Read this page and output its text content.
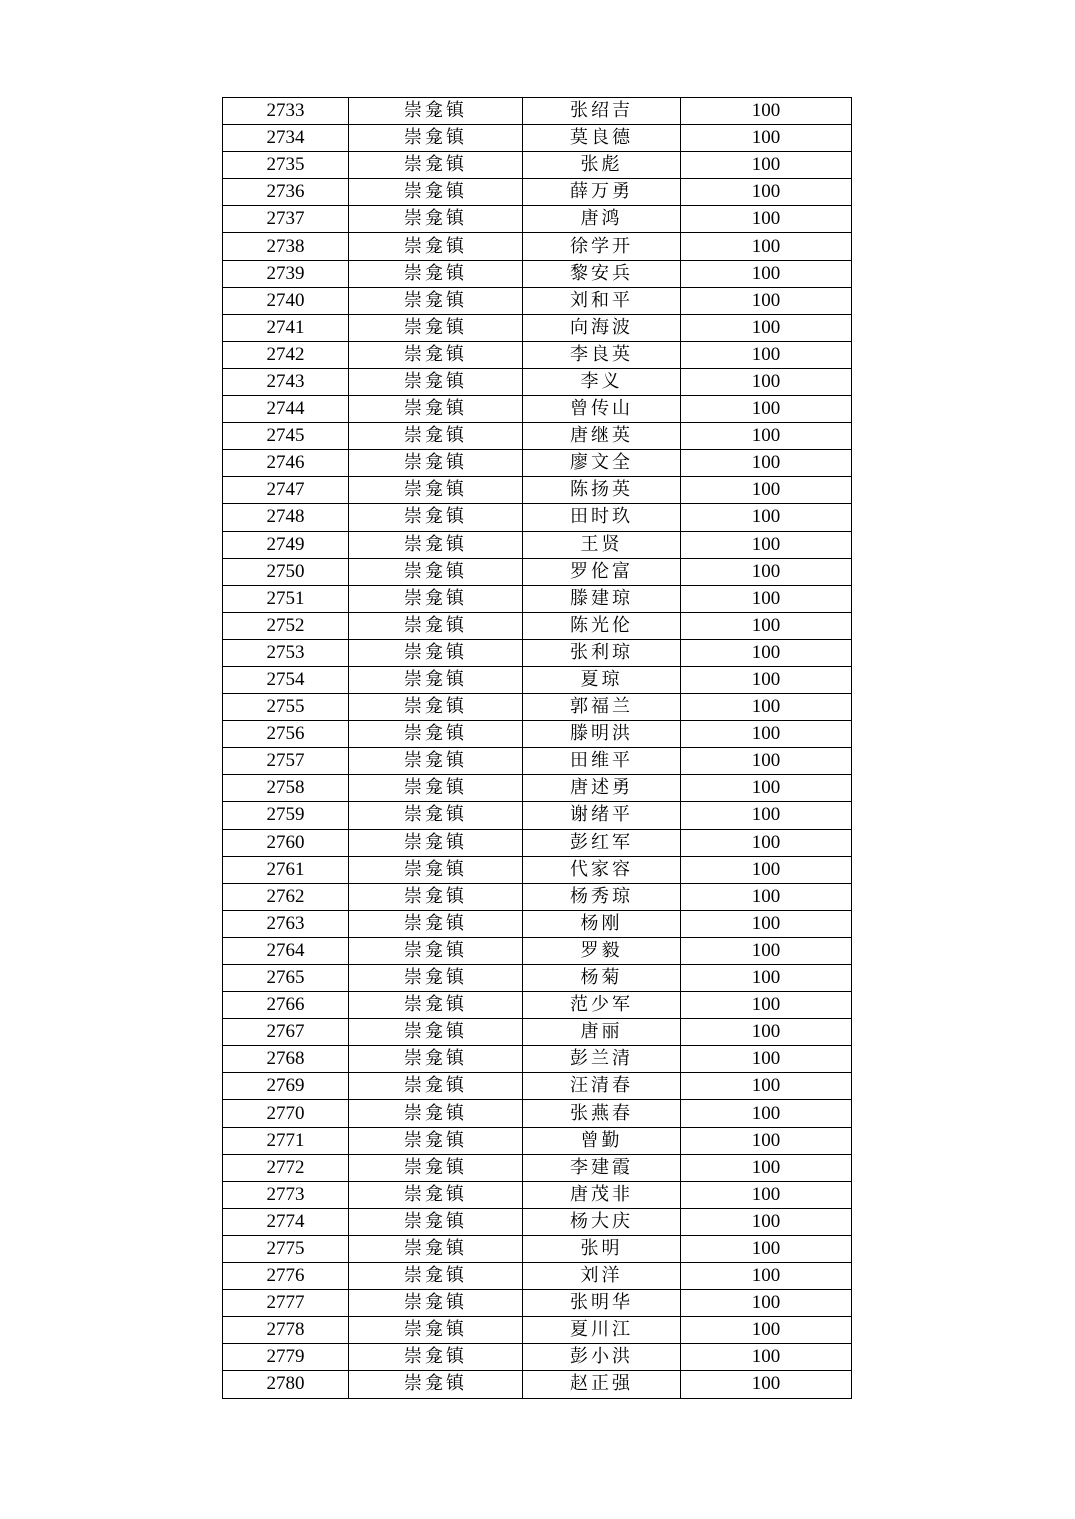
2733	崇龛镇	张绍吉	100
2734	崇龛镇	莫良德	100
2735	崇龛镇	张彪	100
2736	崇龛镇	薛万勇	100
2737	崇龛镇	唐鸿	100
2738	崇龛镇	徐学开	100
2739	崇龛镇	黎安兵	100
2740	崇龛镇	刘和平	100
2741	崇龛镇	向海波	100
2742	崇龛镇	李良英	100
2743	崇龛镇	李义	100
2744	崇龛镇	曾传山	100
2745	崇龛镇	唐继英	100
2746	崇龛镇	廖文全	100
2747	崇龛镇	陈扬英	100
2748	崇龛镇	田时玖	100
2749	崇龛镇	王贤	100
2750	崇龛镇	罗伦富	100
2751	崇龛镇	滕建琼	100
2752	崇龛镇	陈光伦	100
2753	崇龛镇	张利琼	100
2754	崇龛镇	夏琼	100
2755	崇龛镇	郭福兰	100
2756	崇龛镇	滕明洪	100
2757	崇龛镇	田维平	100
2758	崇龛镇	唐述勇	100
2759	崇龛镇	谢绪平	100
2760	崇龛镇	彭红军	100
2761	崇龛镇	代家容	100
2762	崇龛镇	杨秀琼	100
2763	崇龛镇	杨刚	100
2764	崇龛镇	罗毅	100
2765	崇龛镇	杨菊	100
2766	崇龛镇	范少军	100
2767	崇龛镇	唐丽	100
2768	崇龛镇	彭兰清	100
2769	崇龛镇	汪清春	100
2770	崇龛镇	张燕春	100
2771	崇龛镇	曾勤	100
2772	崇龛镇	李建霞	100
2773	崇龛镇	唐茂非	100
2774	崇龛镇	杨大庆	100
2775	崇龛镇	张明	100
2776	崇龛镇	刘洋	100
2777	崇龛镇	张明华	100
2778	崇龛镇	夏川江	100
2779	崇龛镇	彭小洪	100
2780	崇龛镇	赵正强	100
